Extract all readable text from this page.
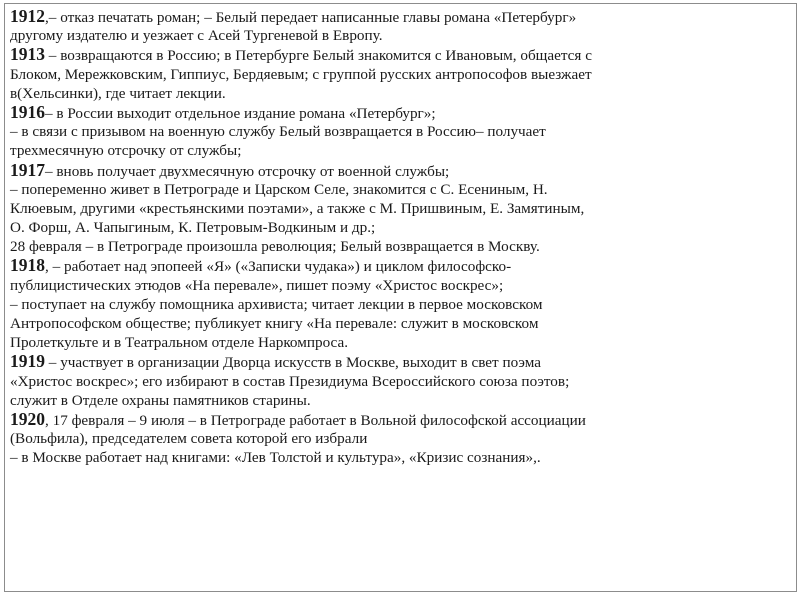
1912,– отказ печатать роман; – Белый передает написанные главы романа «Петербург»
другому издателю и уезжает с Асей Тургеневой в Европу.
1913 – возвращаются в Россию; в Петербурге Белый знакомится с Ивановым, общается с
Блоком, Мережковским, Гиппиус, Бердяевым; с группой русских антропософов выезжает
в(Хельсинки), где читает лекции.
1916– в России выходит отдельное издание романа «Петербург»;
– в связи с призывом на военную службу Белый возвращается в Россию– получает
трехмесячную отсрочку от службы;
1917– вновь получает двухмесячную отсрочку от военной службы;
– попеременно живет в Петрограде и Царском Селе, знакомится с С. Есениным, Н.
Клюевым, другими «крестьянскими поэтами», а также с М. Пришвиным, Е. Замятиным,
О. Форш, А. Чапыгиным, К. Петровым-Водкиным и др.;
28 февраля – в Петрограде произошла революция; Белый возвращается в Москву.
1918, – работает над эпопеей «Я» («Записки чудака») и циклом философско-
публицистических этюдов «На перевале», пишет поэму «Христос воскрес»;
– поступает на службу помощника архивиста; читает лекции в первое московском
Антропософском обществе; публикует книгу «На перевале: служит в московском
Пролеткульте и в Театральном отделе Наркомпроса.
1919 – участвует в организации Дворца искусств в Москве, выходит в свет поэма
«Христос воскрес»; его избирают в состав Президиума Всероссийского союза поэтов;
служит в Отделе охраны памятников старины.
1920, 17 февраля – 9 июля – в Петрограде работает в Вольной философской ассоциации
(Вольфила), председателем совета которой его избрали
– в Москве работает над книгами: «Лев Толстой и культура», «Кризис сознания»,.
